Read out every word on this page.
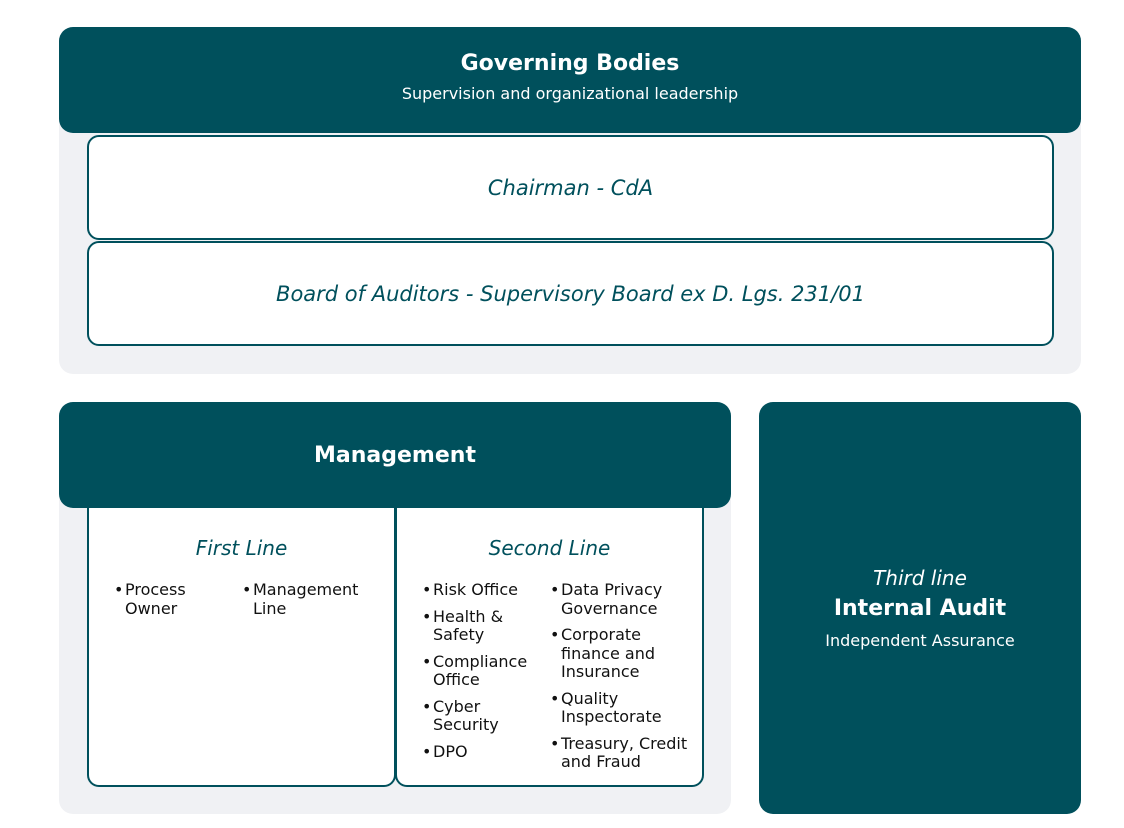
Governing Bodies
Supervision and organizational leadership
Chairman - CdA
Board of Auditors - Supervisory Board ex D. Lgs. 231/01
First Line
• Process Owner
• Management Line
Second Line
• Risk Office
• Health & Safety
• Compliance Office
• Cyber Security
• DPO
• Data Privacy Governance
• Corporate finance and Insurance
• Quality Inspectorate
• Treasury, Credit and Fraud
Management
Third line
Internal Audit
Independent Assurance
